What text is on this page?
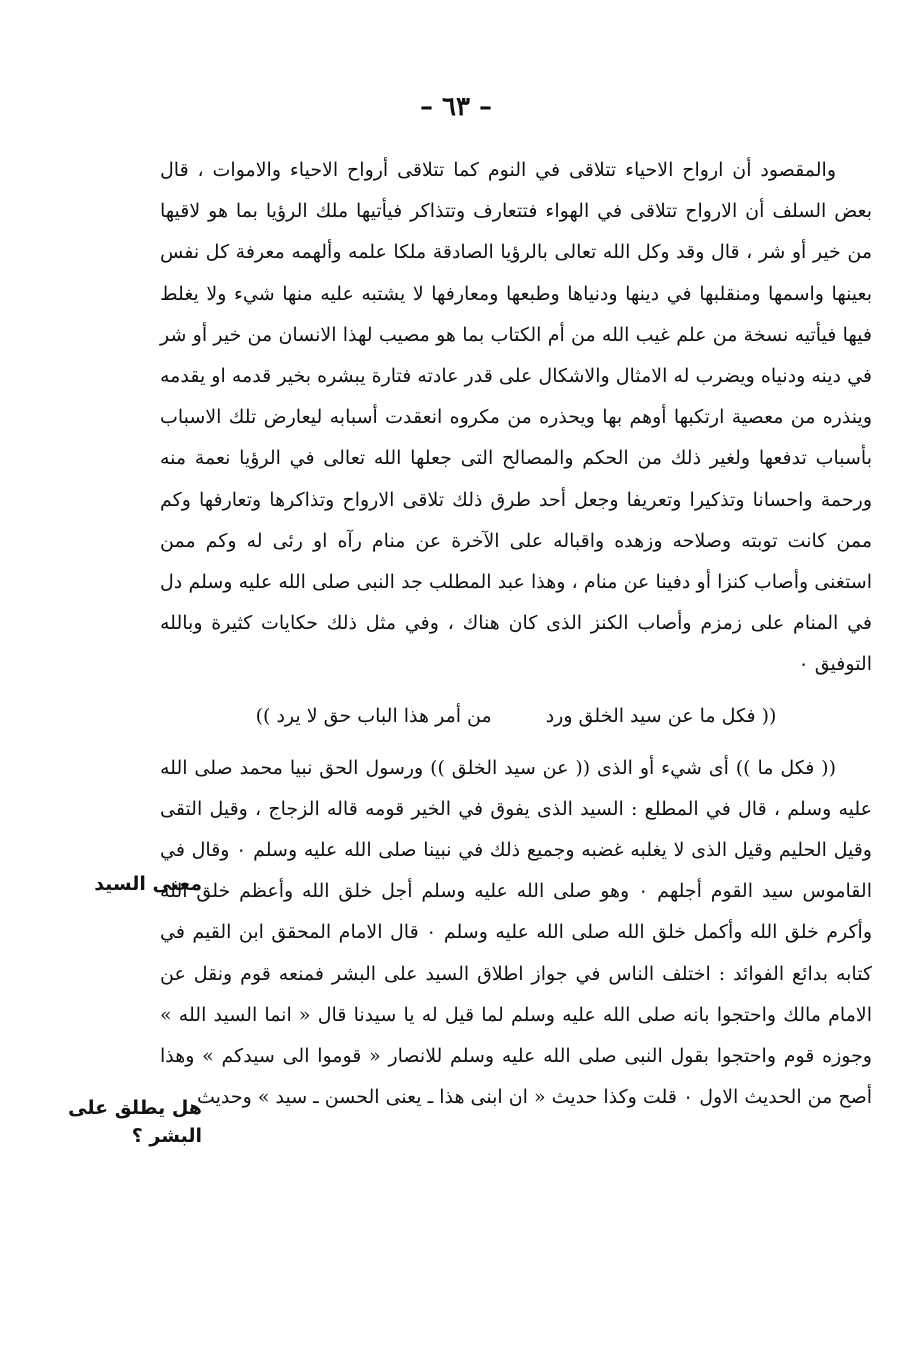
– ٦٣ –

والمقصود أن ارواح الاحياء تتلاقى في النوم كما تتلاقى أرواح الاحياء والاموات ، قال بعض السلف أن الارواح تتلاقى في الهواء فتتعارف وتتذاكر فيأتيها ملك الرؤيا بما هو لاقيها من خير أو شر ، قال وقد وكل الله تعالى بالرؤيا الصادقة ملكا علمه وألهمه معرفة كل نفس بعينها واسمها ومنقلبها في دينها ودنياها وطبعها ومعارفها لا يشتبه عليه منها شيء ولا يغلط فيها فيأتيه نسخة من علم غيب الله من أم الكتاب بما هو مصيب لهذا الانسان من خير أو شر في دينه ودنياه ويضرب له الامثال والاشكال على قدر عادته فتارة يبشره بخير قدمه او يقدمه وينذره من معصية ارتكبها أوهم بها ويحذره من مكروه انعقدت أسبابه ليعارض تلك الاسباب بأسباب تدفعها ولغير ذلك من الحكم والمصالح التى جعلها الله تعالى في الرؤيا نعمة منه ورحمة واحسانا وتذكيرا وتعريفا وجعل أحد طرق ذلك تلاقى الارواح وتذاكرها وتعارفها وكم ممن كانت توبته وصلاحه وزهده واقباله على الآخرة عن منام رآه او رئى له وكم ممن استغنى وأصاب كنزا أو دفينا عن منام ، وهذا عبد المطلب جد النبى صلى الله عليه وسلم دل في المنام على زمزم وأصاب الكنز الذى كان هناك ، وفي مثل ذلك حكايات كثيرة وبالله التوفيق ٠

(( فكل ما عن سيد الخلق ورد
من أمر هذا الباب حق لا يرد ))

(( فكل ما )) أى شيء أو الذى (( عن سيد الخلق )) ورسول الحق نبيا محمد صلى الله عليه وسلم ، قال في المطلع : السيد الذى يفوق في الخير قومه قاله الزجاج ، وقيل التقى وقيل الحليم وقيل الذى لا يغلبه غضبه وجميع ذلك في نبينا صلى الله عليه وسلم ٠ وقال في القاموس سيد القوم أجلهم ٠ وهو صلى الله عليه وسلم أجل خلق الله وأعظم خلق الله وأكرم خلق الله وأكمل خلق الله صلى الله عليه وسلم ٠ قال الامام المحقق ابن القيم في كتابه بدائع الفوائد : اختلف الناس في جواز اطلاق السيد على البشر فمنعه قوم ونقل عن الامام مالك واحتجوا بانه صلى الله عليه وسلم لما قيل له يا سيدنا قال « انما السيد الله » وجوزه قوم واحتجوا بقول النبى صلى الله عليه وسلم للانصار « قوموا الى سيدكم » وهذا أصح من الحديث الاول ٠ قلت وكذا حديث « ان ابنى هذا ـ يعنى الحسن ـ سيد » وحديث

معنى السيد
هل يطلق على البشر ؟
